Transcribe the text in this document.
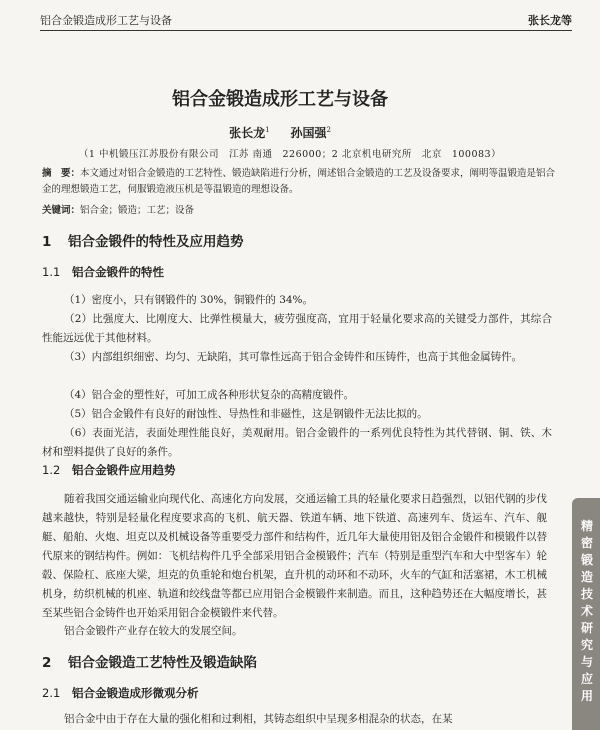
铝合金锻造成形工艺与设备	张长龙等
铝合金锻造成形工艺与设备
张长龙$^1$ 孙国强$^2$
（1 中机锻压江苏股份有限公司　江苏 南通　226000；2 北京机电研究所　北京　100083）
摘　要：本文通过对铝合金锻造的工艺特性、锻造缺陷进行分析，阐述铝合金锻造的工艺及设备要求，阐明等温锻造是铝合金的理想锻造工艺，伺服锻造液压机是等温锻造的理想设备。
关键词：铝合金；锻造；工艺；设备
1 铝合金锻件的特性及应用趋势
1.1 铝合金锻件的特性
（1）密度小，只有钢锻件的 30%，铜锻件的 34%。
（2）比强度大、比刚度大、比弹性模量大，疲劳强度高，宜用于轻量化要求高的关键受力部件，其综合性能远远优于其他材料。
（3）内部组织细密、均匀、无缺陷，其可靠性远高于铝合金铸件和压铸件，也高于其他金属铸件。
（4）铝合金的塑性好，可加工成各种形状复杂的高精度锻件。
（5）铝合金锻件有良好的耐蚀性、导热性和非磁性，这是钢锻件无法比拟的。
（6）表面光洁，表面处理性能良好，美观耐用。铝合金锻件的一系列优良特性为其代替钢、铜、铁、木材和塑料提供了良好的条件。
1.2 铝合金锻件应用趋势
随着我国交通运输业向现代化、高速化方向发展，交通运输工具的轻量化要求日趋强烈，以铝代钢的步伐越来越快，特别是轻量化程度要求高的飞机、航天器、铁道车辆、地下铁道、高速列车、货运车、汽车、舰艇、船舶、火炮、坦克以及机械设备等重要受力部件和结构件，近几年大量使用铝及铝合金锻件和模锻件以替代原来的钢结构件。例如：飞机结构件几乎全部采用铝合金模锻件；汽车（特别是重型汽车和大中型客车）轮毂、保险杠、底座大梁，坦克的负重轮和炮台机架，直升机的动环和不动环，火车的气缸和活塞裙，木工机械机身，纺织机械的机座、轨道和绞线盘等都已应用铝合金模锻件来制造。而且，这种趋势还在大幅度增长，甚至某些铝合金铸件也开始采用铝合金模锻件来代替。
铝合金锻件产业存在较大的发展空间。
2 铝合金锻造工艺特性及锻造缺陷
2.1 铝合金锻造成形微观分析
铝合金中由于存在大量的强化相和过剩相，其铸态组织中呈现多相混杂的状态，在某
精密锻造技术研究与应用
